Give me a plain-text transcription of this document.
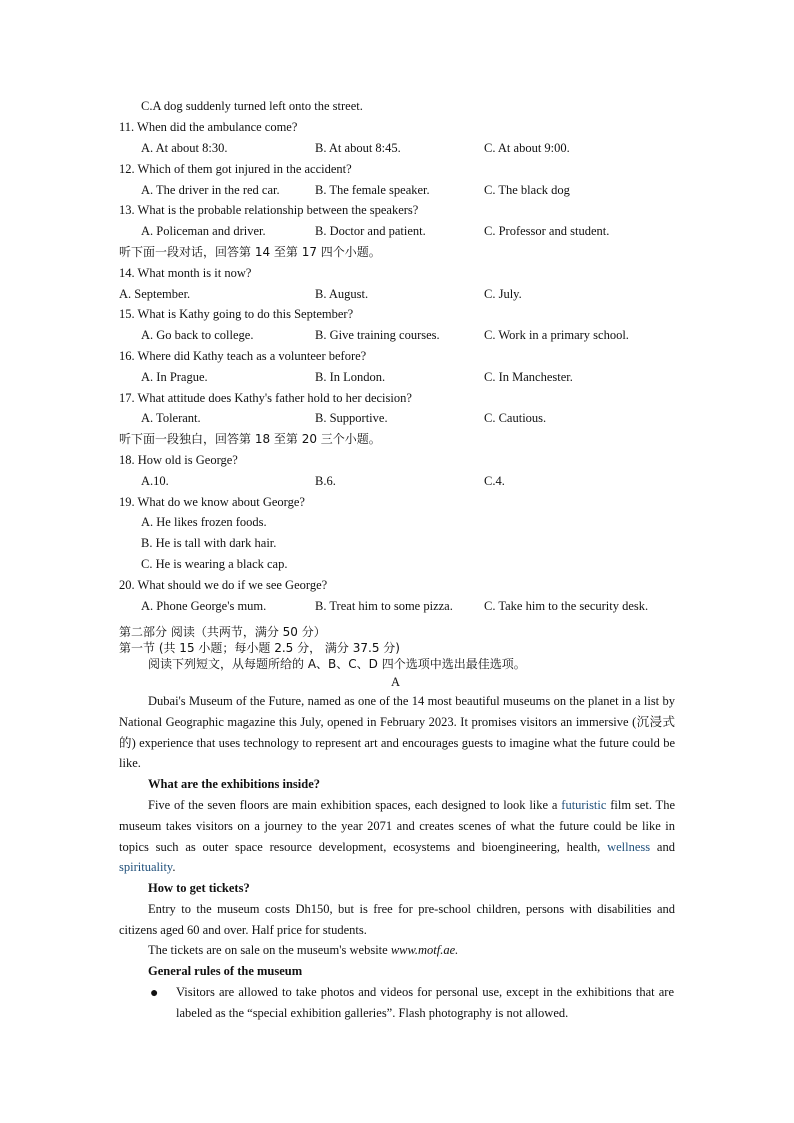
C.A dog suddenly turned left onto the street.
11. When did the ambulance come?
A. At about 8:30.	B. At about 8:45.	C. At about 9:00.
12. Which of them got injured in the accident?
A. The driver in the red car.	B. The female speaker.	C. The black dog
13. What is the probable relationship between the speakers?
A. Policeman and driver.	B. Doctor and patient.	C. Professor and student.
听下面一段对话，回答第 14 至第 17 四个小题。
14. What month is it now?
A. September.	B. August.	C. July.
15. What is Kathy going to do this September?
A. Go back to college.	B. Give training courses.	C. Work in a primary school.
16. Where did Kathy teach as a volunteer before?
A. In Prague.	B. In London.	C. In Manchester.
17. What attitude does Kathy's father hold to her decision?
A. Tolerant.	B. Supportive.	C. Cautious.
听下面一段独白，回答第 18 至第 20 三个小题。
18. How old is George?
A.10.	B.6.	C.4.
19. What do we know about George?
A. He likes frozen foods.
B. He is tall with dark hair.
C. He is wearing a black cap.
20. What should we do if we see George?
A. Phone George's mum.	B. Treat him to some pizza. C. Take him to the security desk.
第二部分 阅读（共两节，满分 50 分）
第一节 (共 15 小题；每小题 2.5 分， 满分 37.5 分)
阅读下列短文，从每题所给的 A、B、C、D 四个选项中选出最佳选项。
A
Dubai's Museum of the Future, named as one of the 14 most beautiful museums on the planet in a list by National Geographic magazine this July, opened in February 2023. It promises visitors an immersive (沉浸式的) experience that uses technology to represent art and encourages guests to imagine what the future could be like.
What are the exhibitions inside?
Five of the seven floors are main exhibition spaces, each designed to look like a futuristic film set. The museum takes visitors on a journey to the year 2071 and creates scenes of what the future could be like in topics such as outer space resource development, ecosystems and bioengineering, health, wellness and spirituality.
How to get tickets?
Entry to the museum costs Dh150, but is free for pre-school children, persons with disabilities and citizens aged 60 and over. Half price for students.
The tickets are on sale on the museum's website www.motf.ae.
General rules of the museum
● Visitors are allowed to take photos and videos for personal use, except in the exhibitions that are labeled as the “special exhibition galleries”. Flash photography is not allowed.
